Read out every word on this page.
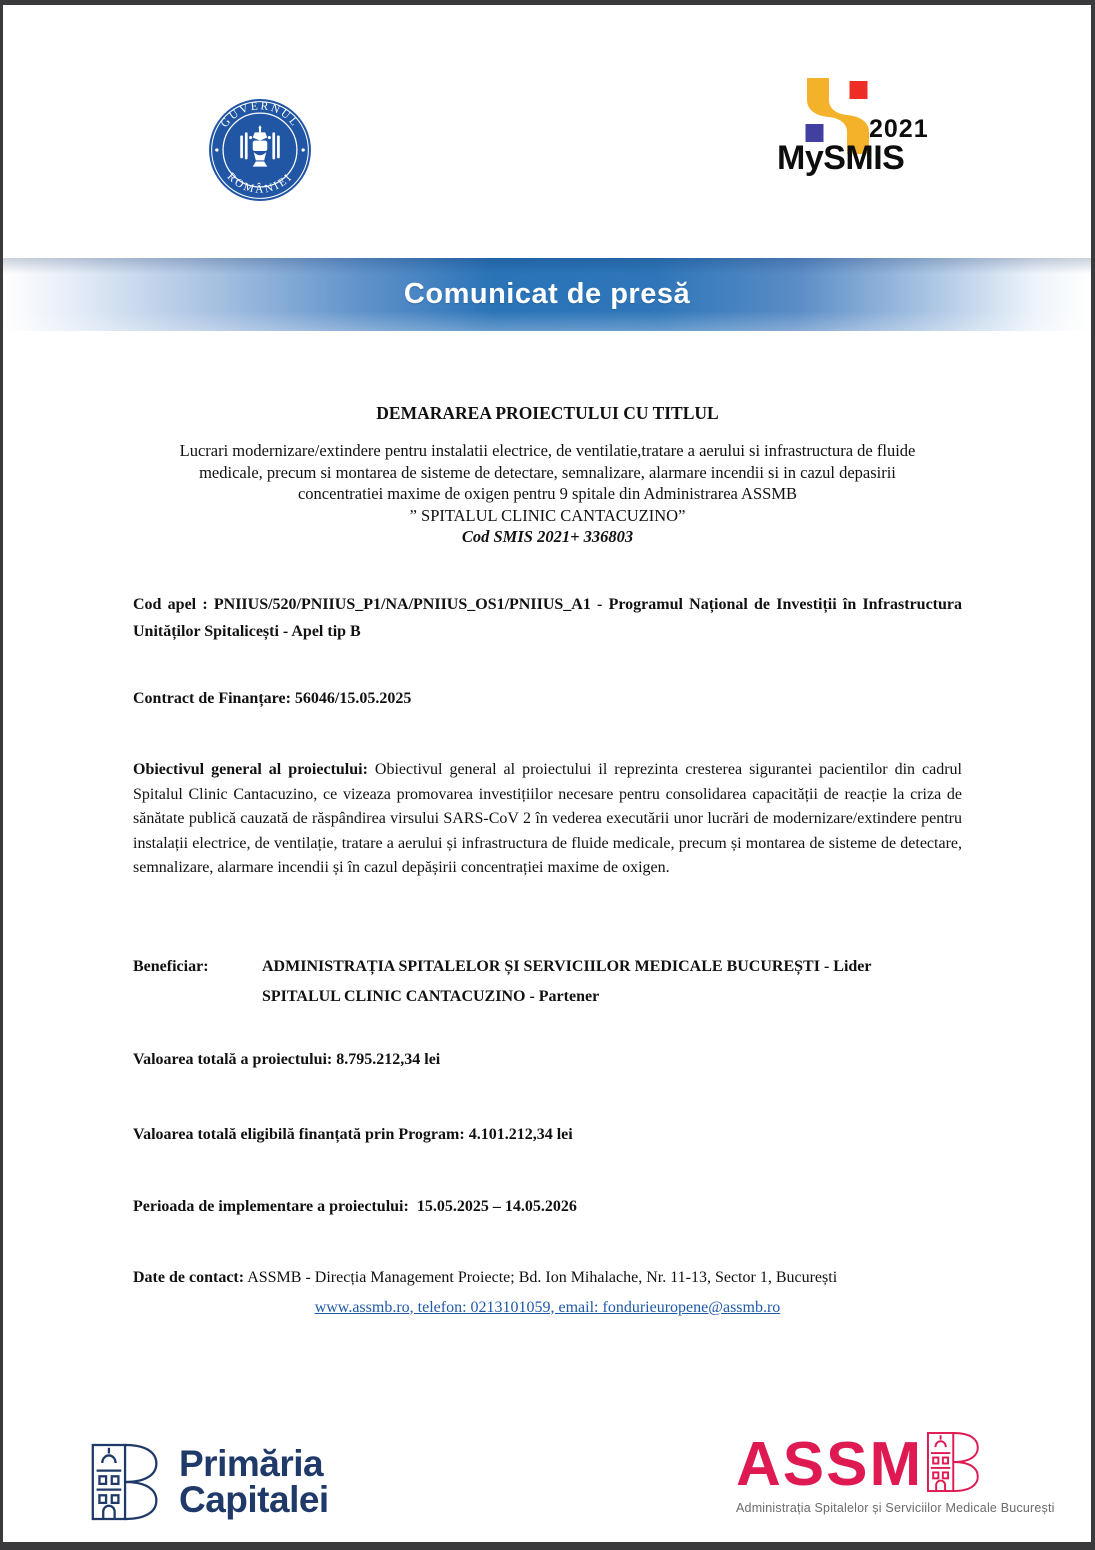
GUVERNUL
ROMÂNIEI
2021
MySMIS
Comunicat de presă
DEMARAREA PROIECTULUI CU TITLUL
Lucrari modernizare/extindere pentru instalatii electrice, de ventilatie,tratare a aerului si infrastructura de fluide
medicale, precum si montarea de sisteme de detectare, semnalizare, alarmare incendii si in cazul depasirii
concentratiei maxime de oxigen pentru 9 spitale din Administrarea ASSMB
” SPITALUL CLINIC CANTACUZINO”
Cod SMIS 2021+ 336803
Cod apel : PNIIUS/520/PNIIUS_P1/NA/PNIIUS_OS1/PNIIUS_A1 - Programul Național de Investiții în Infrastructura Unităților Spitalicești - Apel tip B
Contract de Finanțare: 56046/15.05.2025
Obiectivul general al proiectului: Obiectivul general al proiectului il reprezinta cresterea sigurantei pacientilor din cadrul Spitalul Clinic Cantacuzino, ce vizeaza promovarea investițiilor necesare pentru consolidarea capacității de reacție la criza de sănătate publică cauzată de răspândirea virsului SARS-CoV 2 în vederea executării unor lucrări de modernizare/extindere pentru instalații electrice, de ventilație, tratare a aerului și infrastructura de fluide medicale, precum și montarea de sisteme de detectare, semnalizare, alarmare incendii și în cazul depășirii concentrației maxime de oxigen.
Beneficiar:	ADMINISTRAȚIA SPITALELOR ȘI SERVICIILOR MEDICALE BUCUREȘTI - Lider
SPITALUL CLINIC CANTACUZINO - Partener
Valoarea totală a proiectului: 8.795.212,34 lei
Valoarea totală eligibilă finanțată prin Program: 4.101.212,34 lei
Perioada de implementare a proiectului:  15.05.2025 – 14.05.2026
Date de contact: ASSMB - Direcția Management Proiecte; Bd. Ion Mihalache, Nr. 11-13, Sector 1, București
www.assmb.ro, telefon: 0213101059, email: fondurieuropene@assmb.ro
Primăria
Capitalei
ASSM
Administrația Spitalelor și Serviciilor Medicale București
